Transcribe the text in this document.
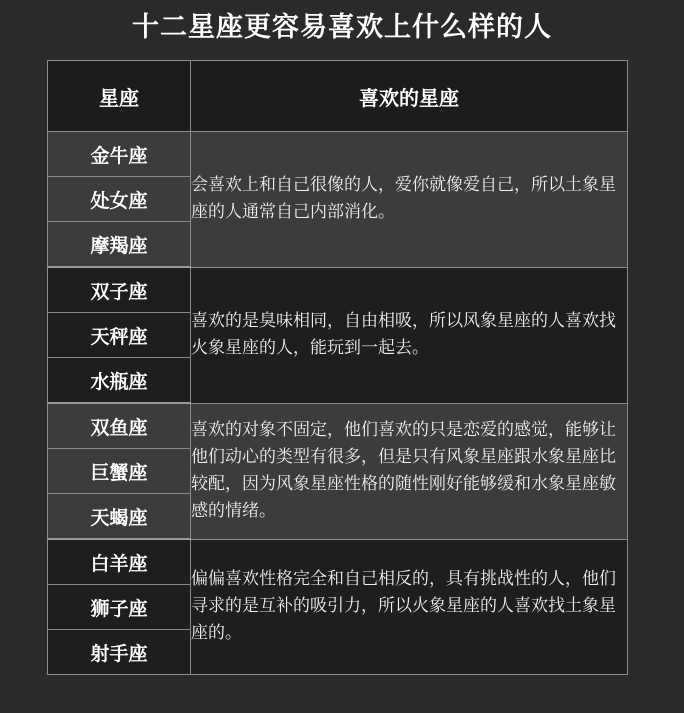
十二星座更容易喜欢上什么样的人
星座	喜欢的星座
金牛座	会喜欢上和自己很像的人，爱你就像爱自己，所以土象星座的人通常自己内部消化。
处女座	
摩羯座	
双子座	喜欢的是臭味相同，自由相吸，所以风象星座的人喜欢找火象星座的人，能玩到一起去。
天秤座	
水瓶座	
双鱼座	喜欢的对象不固定，他们喜欢的只是恋爱的感觉，能够让他们动心的类型有很多，但是只有风象星座跟水象星座比较配，因为风象星座性格的随性刚好能够缓和水象星座敏感的情绪。
巨蟹座	
天蝎座	
白羊座	偏偏喜欢性格完全和自己相反的，具有挑战性的人，他们寻求的是互补的吸引力，所以火象星座的人喜欢找土象星座的。
狮子座	
射手座	
